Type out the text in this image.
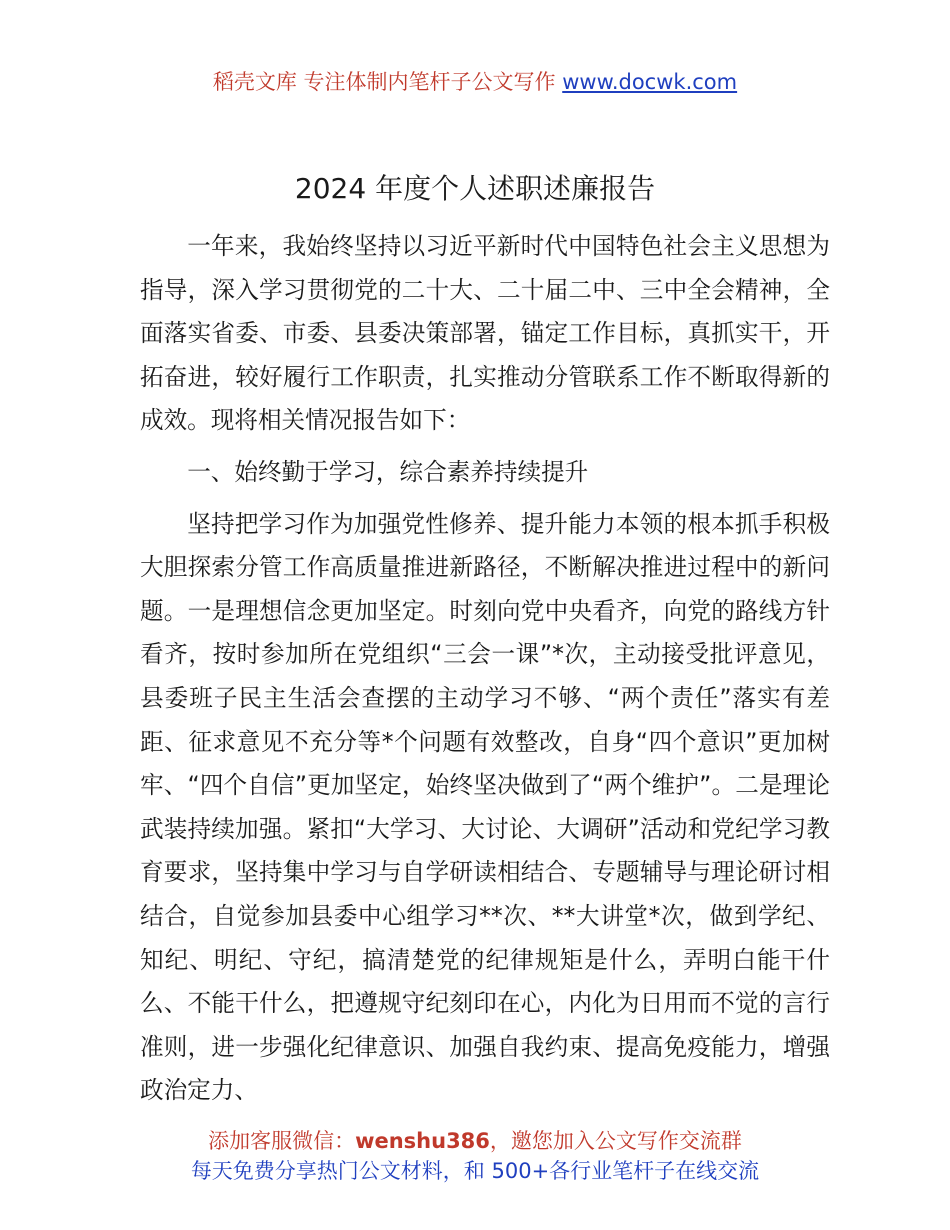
稻壳文库 专注体制内笔杆子公文写作 www.docwk.com
2024 年度个人述职述廉报告

一年来，我始终坚持以习近平新时代中国特色社会主义思想为指导，深入学习贯彻党的二十大、二十届二中、三中全会精神，全面落实省委、市委、县委决策部署，锚定工作目标，真抓实干，开拓奋进，较好履行工作职责，扎实推动分管联系工作不断取得新的成效。现将相关情况报告如下：

一、始终勤于学习，综合素养持续提升

坚持把学习作为加强党性修养、提升能力本领的根本抓手积极大胆探索分管工作高质量推进新路径，不断解决推进过程中的新问题。一是理想信念更加坚定。时刻向党中央看齐，向党的路线方针看齐，按时参加所在党组织“三会一课”*次，主动接受批评意见，县委班子民主生活会查摆的主动学习不够、“两个责任”落实有差距、征求意见不充分等*个问题有效整改，自身“四个意识”更加树牢、“四个自信”更加坚定，始终坚决做到了“两个维护”。二是理论武装持续加强。紧扣“大学习、大讨论、大调研”活动和党纪学习教育要求，坚持集中学习与自学研读相结合、专题辅导与理论研讨相结合，自觉参加县委中心组学习**次、**大讲堂*次，做到学纪、知纪、明纪、守纪，搞清楚党的纪律规矩是什么，弄明白能干什么、不能干什么，把遵规守纪刻印在心，内化为日用而不觉的言行准则，进一步强化纪律意识、加强自我约束、提高免疫能力，增强政治定力、

添加客服微信：wenshu386，邀您加入公文写作交流群
每天免费分享热门公文材料，和 500+各行业笔杆子在线交流
